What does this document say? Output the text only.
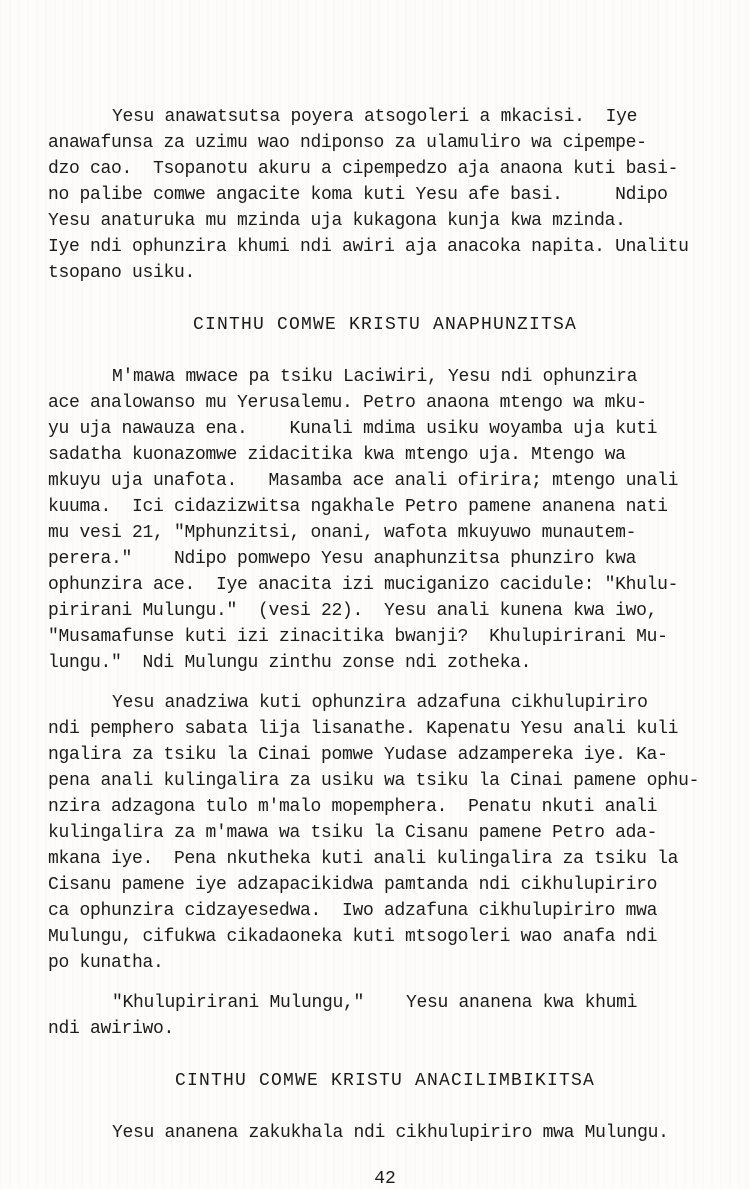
Yesu anawatsutsa poyera atsogoleri a mkacisi.  Iye
anawafunsa za uzimu wao ndiponso za ulamuliro wa cipempe-
dzo cao.  Tsopanotu akuru a cipempedzo aja anaona kuti basi-
no palibe comwe angacite koma kuti Yesu afe basi.     Ndipo
Yesu anaturuka mu mzinda uja kukagona kunja kwa mzinda.
Iye ndi ophunzira khumi ndi awiri aja anacoka napita. Unalitu
tsopano usiku.
CINTHU COMWE KRISTU ANAPHUNZITSA
M'mawa mwace pa tsiku Laciwiri, Yesu ndi ophunzira
ace analowanso mu Yerusalemu. Petro anaona mtengo wa mku-
yu uja nawauza ena.    Kunali mdima usiku woyamba uja kuti
sadatha kuonazomwe zidacitika kwa mtengo uja. Mtengo wa
mkuyu uja unafota.   Masamba ace anali ofirira; mtengo unali
kuuma.  Ici cidazizwitsa ngakhale Petro pamene ananena nati
mu vesi 21, "Mphunzitsi, onani, wafota mkuyuwo munautem-
perera."    Ndipo pomwepo Yesu anaphunzitsa phunziro kwa
ophunzira ace.  Iye anacita izi muciganizo cacidule: "Khulu-
pirirani Mulungu."  (vesi 22).  Yesu anali kunena kwa iwo,
"Musamafunse kuti izi zinacitika bwanji?  Khulupirirani Mu-
lungu."  Ndi Mulungu zinthu zonse ndi zotheka.
Yesu anadziwa kuti ophunzira adzafuna cikhulupiriro
ndi pemphero sabata lija lisanathe. Kapenatu Yesu anali kuli
ngalira za tsiku la Cinai pomwe Yudase adzampereka iye. Ka-
pena anali kulingalira za usiku wa tsiku la Cinai pamene ophu-
nzira adzagona tulo m'malo mopemphera.  Penatu nkuti anali
kulingalira za m'mawa wa tsiku la Cisanu pamene Petro ada-
mkana iye.  Pena nkutheka kuti anali kulingalira za tsiku la
Cisanu pamene iye adzapacikidwa pamtanda ndi cikhulupiriro
ca ophunzira cidzayesedwa.  Iwo adzafuna cikhulupiriro mwa
Mulungu, cifukwa cikadaoneka kuti mtsogoleri wao anafa ndi
po kunatha.
"Khulupirirani Mulungu,"    Yesu ananena kwa khumi
ndi awiriwo.
CINTHU COMWE KRISTU ANACILIMBIKITSA
Yesu ananena zakukhala ndi cikhulupiriro mwa Mulungu.
42
